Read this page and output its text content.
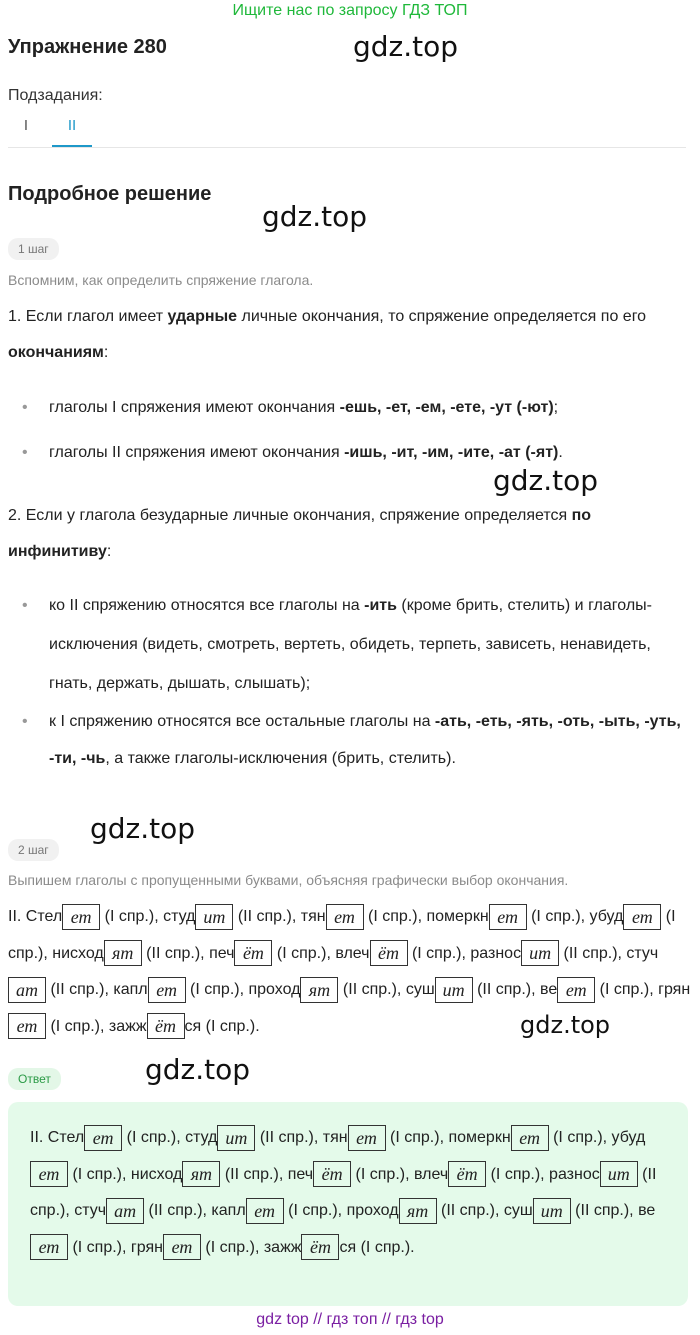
Ищите нас по запросу ГДЗ ТОП
gdz.top
gdz.top
gdz.top
gdz.top
gdz.top
gdz.top
Упражнение 280
Подзадания:
I	II
Подробное решение
1 шаг
Вспомним, как определить спряжение глагола.
1. Если глагол имеет ударные личные окончания, то спряжение определяется по его окончаниям:
• глаголы I спряжения имеют окончания -ешь, -ет, -ем, -ете, -ут (-ют);
• глаголы II спряжения имеют окончания -ишь, -ит, -им, -ите, -ат (-ят).
2. Если у глагола безударные личные окончания, спряжение определяется по инфинитиву:
• ко II спряжению относятся все глаголы на -ить (кроме брить, стелить) и глаголы-исключения (видеть, смотреть, вертеть, обидеть, терпеть, зависеть, ненавидеть, гнать, держать, дышать, слышать);
• к I спряжению относятся все остальные глаголы на -ать, -еть, -ять, -оть, -ыть, -уть, -ти, -чь, а также глаголы-исключения (брить, стелить).
2 шаг
Выпишем глаголы с пропущенными буквами, объясняя графически выбор окончания.
II. Стел ет (I спр.), студ ит (II спр.), тян ет (I спр.), померкн ет (I спр.), убуд ет (I спр.), нисход ят (II спр.), печ ёт (I спр.), влеч ёт (I спр.), разнос ит (II спр.), стучат (II спр.), капл ет (I спр.), проход ят (II спр.), суш ит (II спр.), ве ет (I спр.), грянет (I спр.), зажж ёт ся (I спр.).
Ответ
II. Стел ет (I спр.), студ ит (II спр.), тян ет (I спр.), померкн ет (I спр.), убудет (I спр.), нисход ят (II спр.), печ ёт (I спр.), влеч ёт (I спр.), разнос ит (II спр.), стуч ат (II спр.), капл ет (I спр.), проход ят (II спр.), суш ит (II спр.), веет (I спр.), грян ет (I спр.), зажж ёт ся (I спр.).
gdz top // гдз топ // гдз top
